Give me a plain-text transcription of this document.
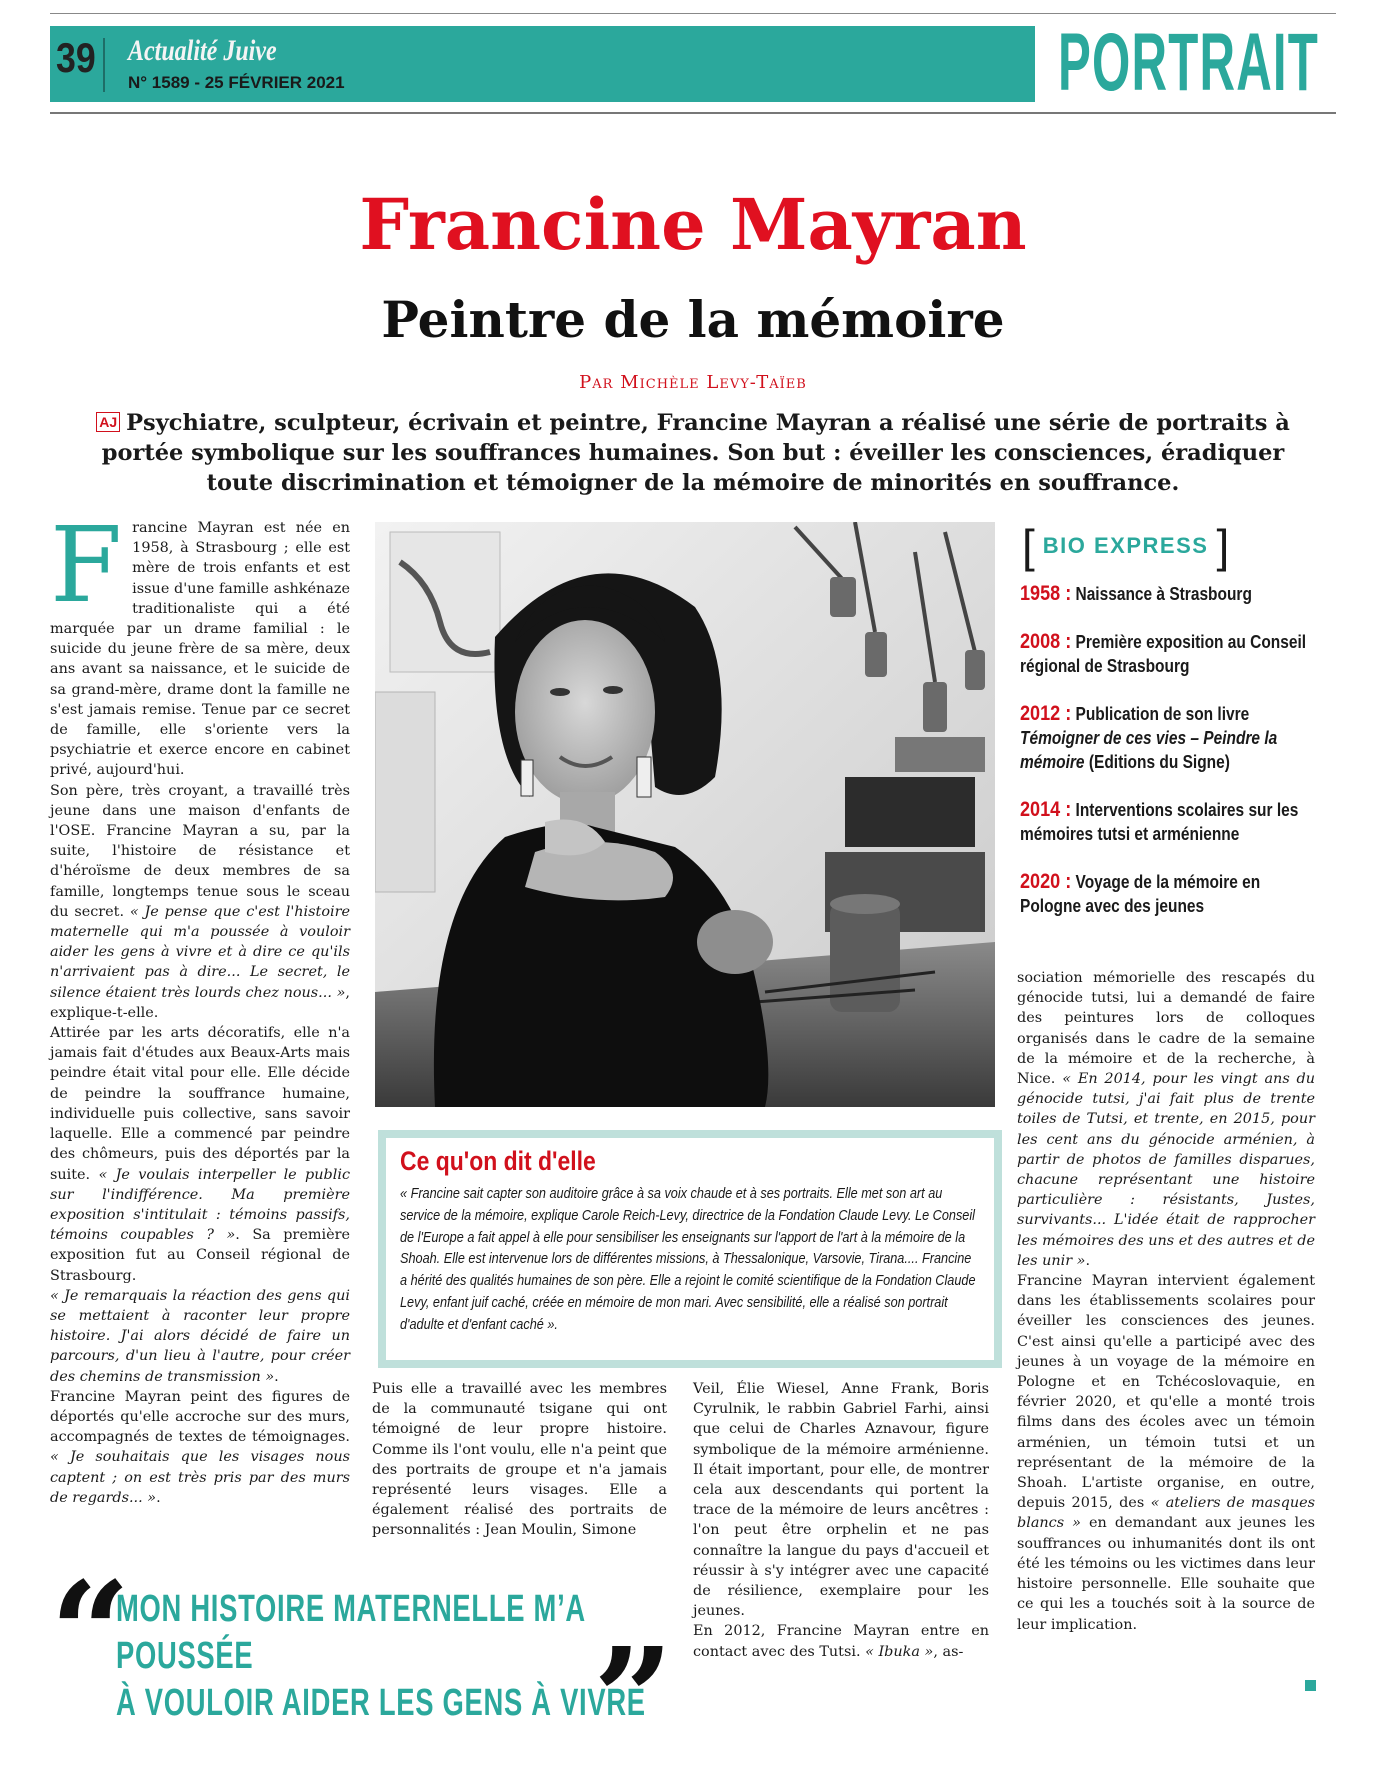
39 Actualité Juive
N° 1589 - 25 FÉVRIER 2021	PORTRAIT
Francine Mayran
Peintre de la mémoire
Par Michèle Levy-Taïeb
AJ Psychiatre, sculpteur, écrivain et peintre, Francine Mayran a réalisé une série de portraits à portée symbolique sur les souffrances humaines. Son but : éveiller les consciences, éradiquer toute discrimination et témoigner de la mémoire de minorités en souffrance.
F rancine Mayran est née en 1958, à Strasbourg ; elle est mère de trois enfants et est issue d'une famille ashkénaze traditionaliste qui a été marquée par un drame familial : le suicide du jeune frère de sa mère, deux ans avant sa naissance, et le suicide de sa grand-mère, drame dont la famille ne s'est jamais remise. Tenue par ce secret de famille, elle s'oriente vers la psychiatrie et exerce encore en cabinet privé, aujourd'hui.

Son père, très croyant, a travaillé très jeune dans une maison d'enfants de l'OSE. Francine Mayran a su, par la suite, l'histoire de résistance et d'héroïsme de deux membres de sa famille, longtemps tenue sous le sceau du secret. « Je pense que c'est l'histoire maternelle qui m'a poussée à vouloir aider les gens à vivre et à dire ce qu'ils n'arrivaient pas à dire... Le secret, le silence étaient très lourds chez nous... », explique-t-elle.

Attirée par les arts décoratifs, elle n'a jamais fait d'études aux Beaux-Arts mais peindre était vital pour elle. Elle décide de peindre la souffrance humaine, individuelle puis collective, sans savoir laquelle. Elle a commencé par peindre des chômeurs, puis des déportés par la suite. « Je voulais interpeller le public sur l'indifférence. Ma première exposition s'intitulait : témoins passifs, témoins coupables ? ». Sa première exposition fut au Conseil régional de Strasbourg.

« Je remarquais la réaction des gens qui se mettaient à raconter leur propre histoire. J'ai alors décidé de faire un parcours, d'un lieu à l'autre, pour créer des chemins de transmission ».

Francine Mayran peint des figures de déportés qu'elle accroche sur des murs, accompagnés de textes de témoignages. « Je souhaitais que les visages nous captent ; on est très pris par des murs de regards... ».

[ BIO EXPRESS ]
1958 : Naissance à Strasbourg
2008 : Première exposition au Conseil régional de Strasbourg
2012 : Publication de son livre Témoigner de ces vies – Peindre la mémoire (Editions du Signe)
2014 : Interventions scolaires sur les mémoires tutsi et arménienne
2020 : Voyage de la mémoire en Pologne avec des jeunes
Ce qu'on dit d'elle
« Francine sait capter son auditoire grâce à sa voix chaude et à ses portraits. Elle met son art au service de la mémoire, explique Carole Reich-Levy, directrice de la Fondation Claude Levy. Le Conseil de l'Europe a fait appel à elle pour sensibiliser les enseignants sur l'apport de l'art à la mémoire de la Shoah. Elle est intervenue lors de différentes missions, à Thessalonique, Varsovie, Tirana.... Francine a hérité des qualités humaines de son père. Elle a rejoint le comité scientifique de la Fondation Claude Levy, enfant juif caché, créée en mémoire de mon mari. Avec sensibilité, elle a réalisé son portrait d'adulte et d'enfant caché ».

Puis elle a travaillé avec les membres de la communauté tsigane qui ont témoigné de leur propre histoire. Comme ils l'ont voulu, elle n'a peint que des portraits de groupe et n'a jamais représenté leurs visages. Elle a également réalisé des portraits de personnalités : Jean Moulin, Simone

Veil, Élie Wiesel, Anne Frank, Boris Cyrulnik, le rabbin Gabriel Farhi, ainsi que celui de Charles Aznavour, figure symbolique de la mémoire arménienne. Il était important, pour elle, de montrer cela aux descendants qui portent la trace de la mémoire de leurs ancêtres : l'on peut être orphelin et ne pas connaître la langue du pays d'accueil et réussir à s'y intégrer avec une capacité de résilience, exemplaire pour les jeunes.

En 2012, Francine Mayran entre en contact avec des Tutsi. « Ibuka », as-

sociation mémorielle des rescapés du génocide tutsi, lui a demandé de faire des peintures lors de colloques organisés dans le cadre de la semaine de la mémoire et de la recherche, à Nice. « En 2014, pour les vingt ans du génocide tutsi, j'ai fait plus de trente toiles de Tutsi, et trente, en 2015, pour les cent ans du génocide arménien, à partir de photos de familles disparues, chacune représentant une histoire particulière : résistants, Justes, survivants... L'idée était de rapprocher les mémoires des uns et des autres et de les unir ».

Francine Mayran intervient également dans les établissements scolaires pour éveiller les consciences des jeunes. C'est ainsi qu'elle a participé avec des jeunes à un voyage de la mémoire en Pologne et en Tchécoslovaquie, en février 2020, et qu'elle a monté trois films dans des écoles avec un témoin arménien, un témoin tutsi et un représentant de la mémoire de la Shoah. L'artiste organise, en outre, depuis 2015, des « ateliers de masques blancs » en demandant aux jeunes les souffrances ou inhumanités dont ils ont été les témoins ou les victimes dans leur histoire personnelle. Elle souhaite que ce qui les a touchés soit à la source de leur implication.

“
MON HISTOIRE MATERNELLE M’A POUSSÉE
À VOULOIR AIDER LES GENS À VIVRE
”
